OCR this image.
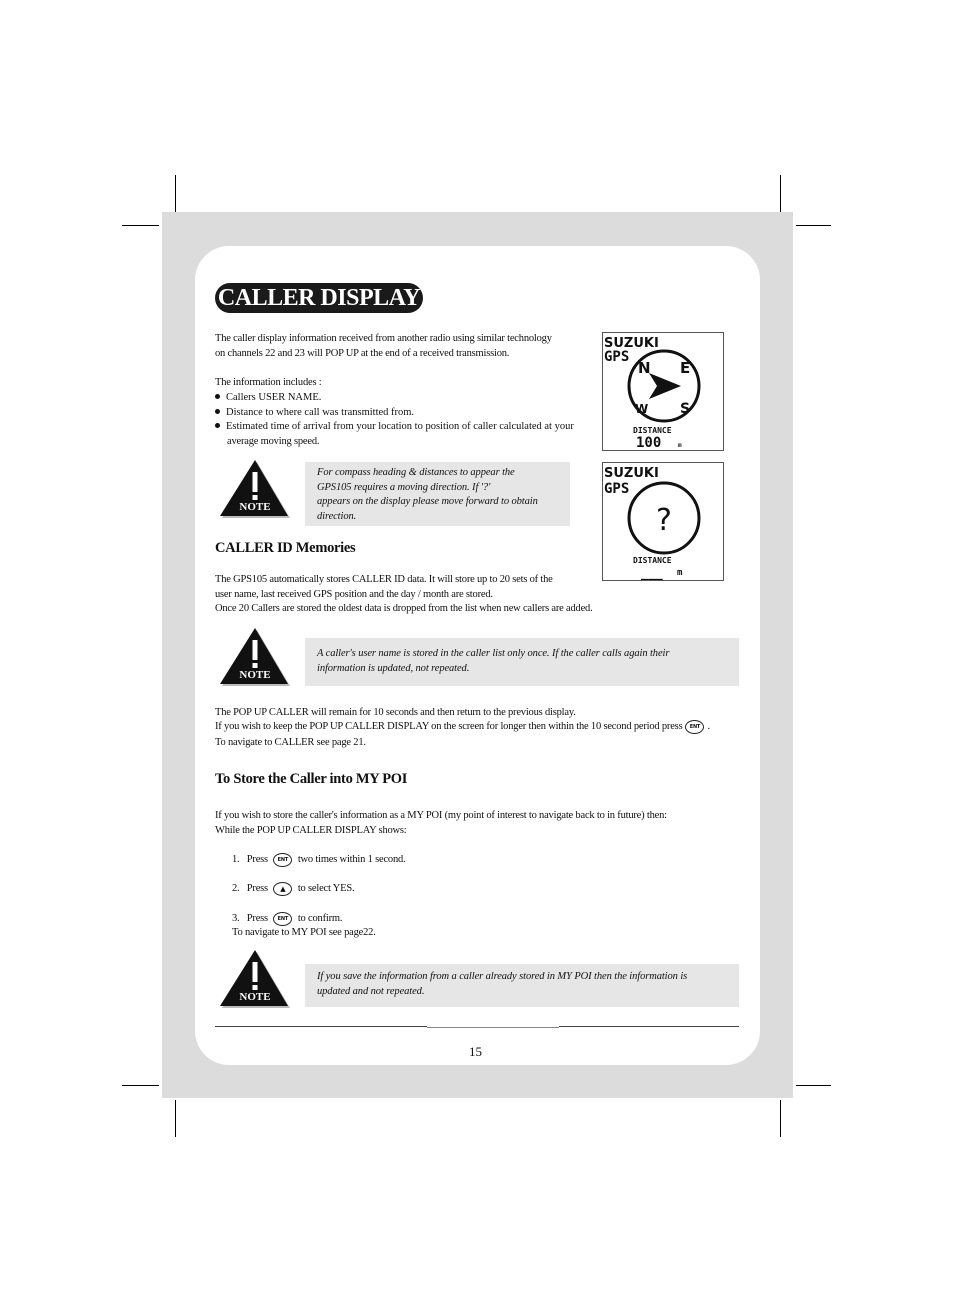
CALLER DISPLAY
The caller display information received from another radio using similar technology
on channels 22 and 23 will POP UP at the end of a received transmission.
The information includes :
Callers USER NAME.
Distance to where call was transmitted from.
Estimated time of arrival from your location to position of caller calculated at your
average moving speed.
NOTE
For compass heading & distances to appear the
GPS105 requires a moving direction. If '?'
appears on the display please move forward to obtain
direction.
SUZUKI
GPS
N E
W S
DISTANCE
100	m
SUZUKI
GPS
?
DISTANCE
___ m
CALLER ID Memories
The GPS105 automatically stores CALLER ID data. It will store up to 20 sets of the
user name, last received GPS position and the day / month are stored.
Once 20 Callers are stored the oldest data is dropped from the list when new callers are added.
NOTE
A caller's user name is stored in the caller list only once. If the caller calls again their
information is updated, not repeated.
The POP UP CALLER will remain for 10 seconds and then return to the previous display.
If you wish to keep the POP UP CALLER DISPLAY on the screen for longer then within the 10 second period press ENT .
To navigate to CALLER see page 21.
To Store the Caller into MY POI
If you wish to store the caller's information as a MY POI (my point of interest to navigate back to in future) then:
While the POP UP CALLER DISPLAY shows:
1. Press ENT two times within 1 second.
2. Press ▲ to select YES.
3. Press ENT to confirm.
To navigate to MY POI see page22.
NOTE
If you save the information from a caller already stored in MY POI then the information is
updated and not repeated.
15
